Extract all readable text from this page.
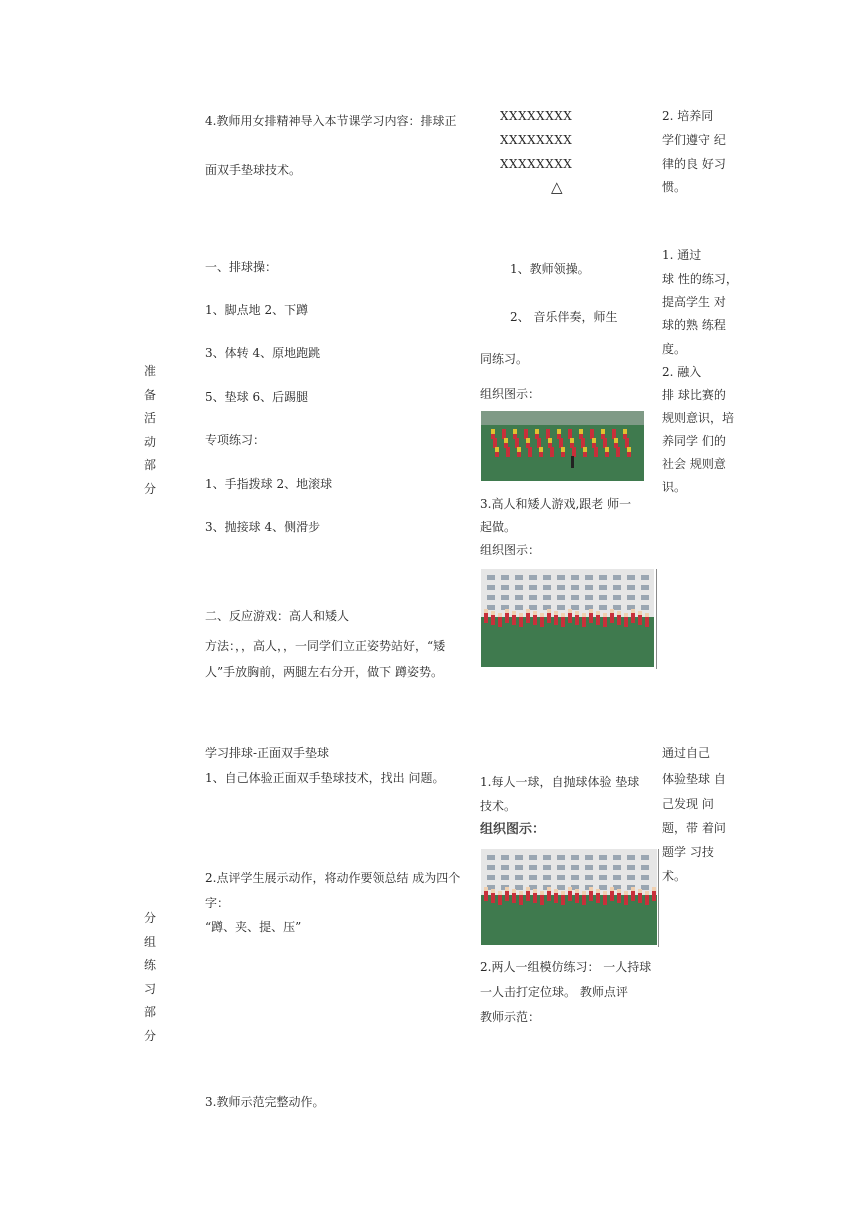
4.教师用女排精神导入本节课学习内容：排球正
面双手垫球技术。
XXXXXXXX
XXXXXXXX
XXXXXXXX
△
2. 培养同
学们遵守 纪
律的良 好习
惯。
准
备
活
动
部
分
一、排球操：
1、脚点地 2、下蹲
3、体转 4、原地跑跳
5、垫球 6、后踢腿
专项练习：
1、手指拨球 2、地滚球
3、抛接球 4、侧滑步
二、反应游戏：高人和矮人
方法：，，高人，，一同学们立正姿势站好，“矮
人”手放胸前，两腿左右分开，做下 蹲姿势。
1、教师领操。
2、 音乐伴奏，师生
同练习。
组织图示：
3.高人和矮人游戏,跟老 师一
起做。
组织图示：
1. 通过
球 性的练习，
提高学生 对
球的熟 练程
度。
2. 融入
排 球比赛的
规则意识，培
养同学 们的
社会 规则意
识。
分
组
练
习
部
分
学习排球-正面双手垫球
1、自己体验正面双手垫球技术，找出 问题。
2.点评学生展示动作，将动作要领总结 成为四个
字：
“蹲、夹、提、压”
3.教师示范完整动作。
1.每人一球，自抛球体验 垫球
技术。
组织图示：
2.两人一组模仿练习： 一人持球
一人击打定位球。 教师点评
教师示范：
通过自己
体验垫球 自
己发现 问
题，带 着问
题学 习技
术。
